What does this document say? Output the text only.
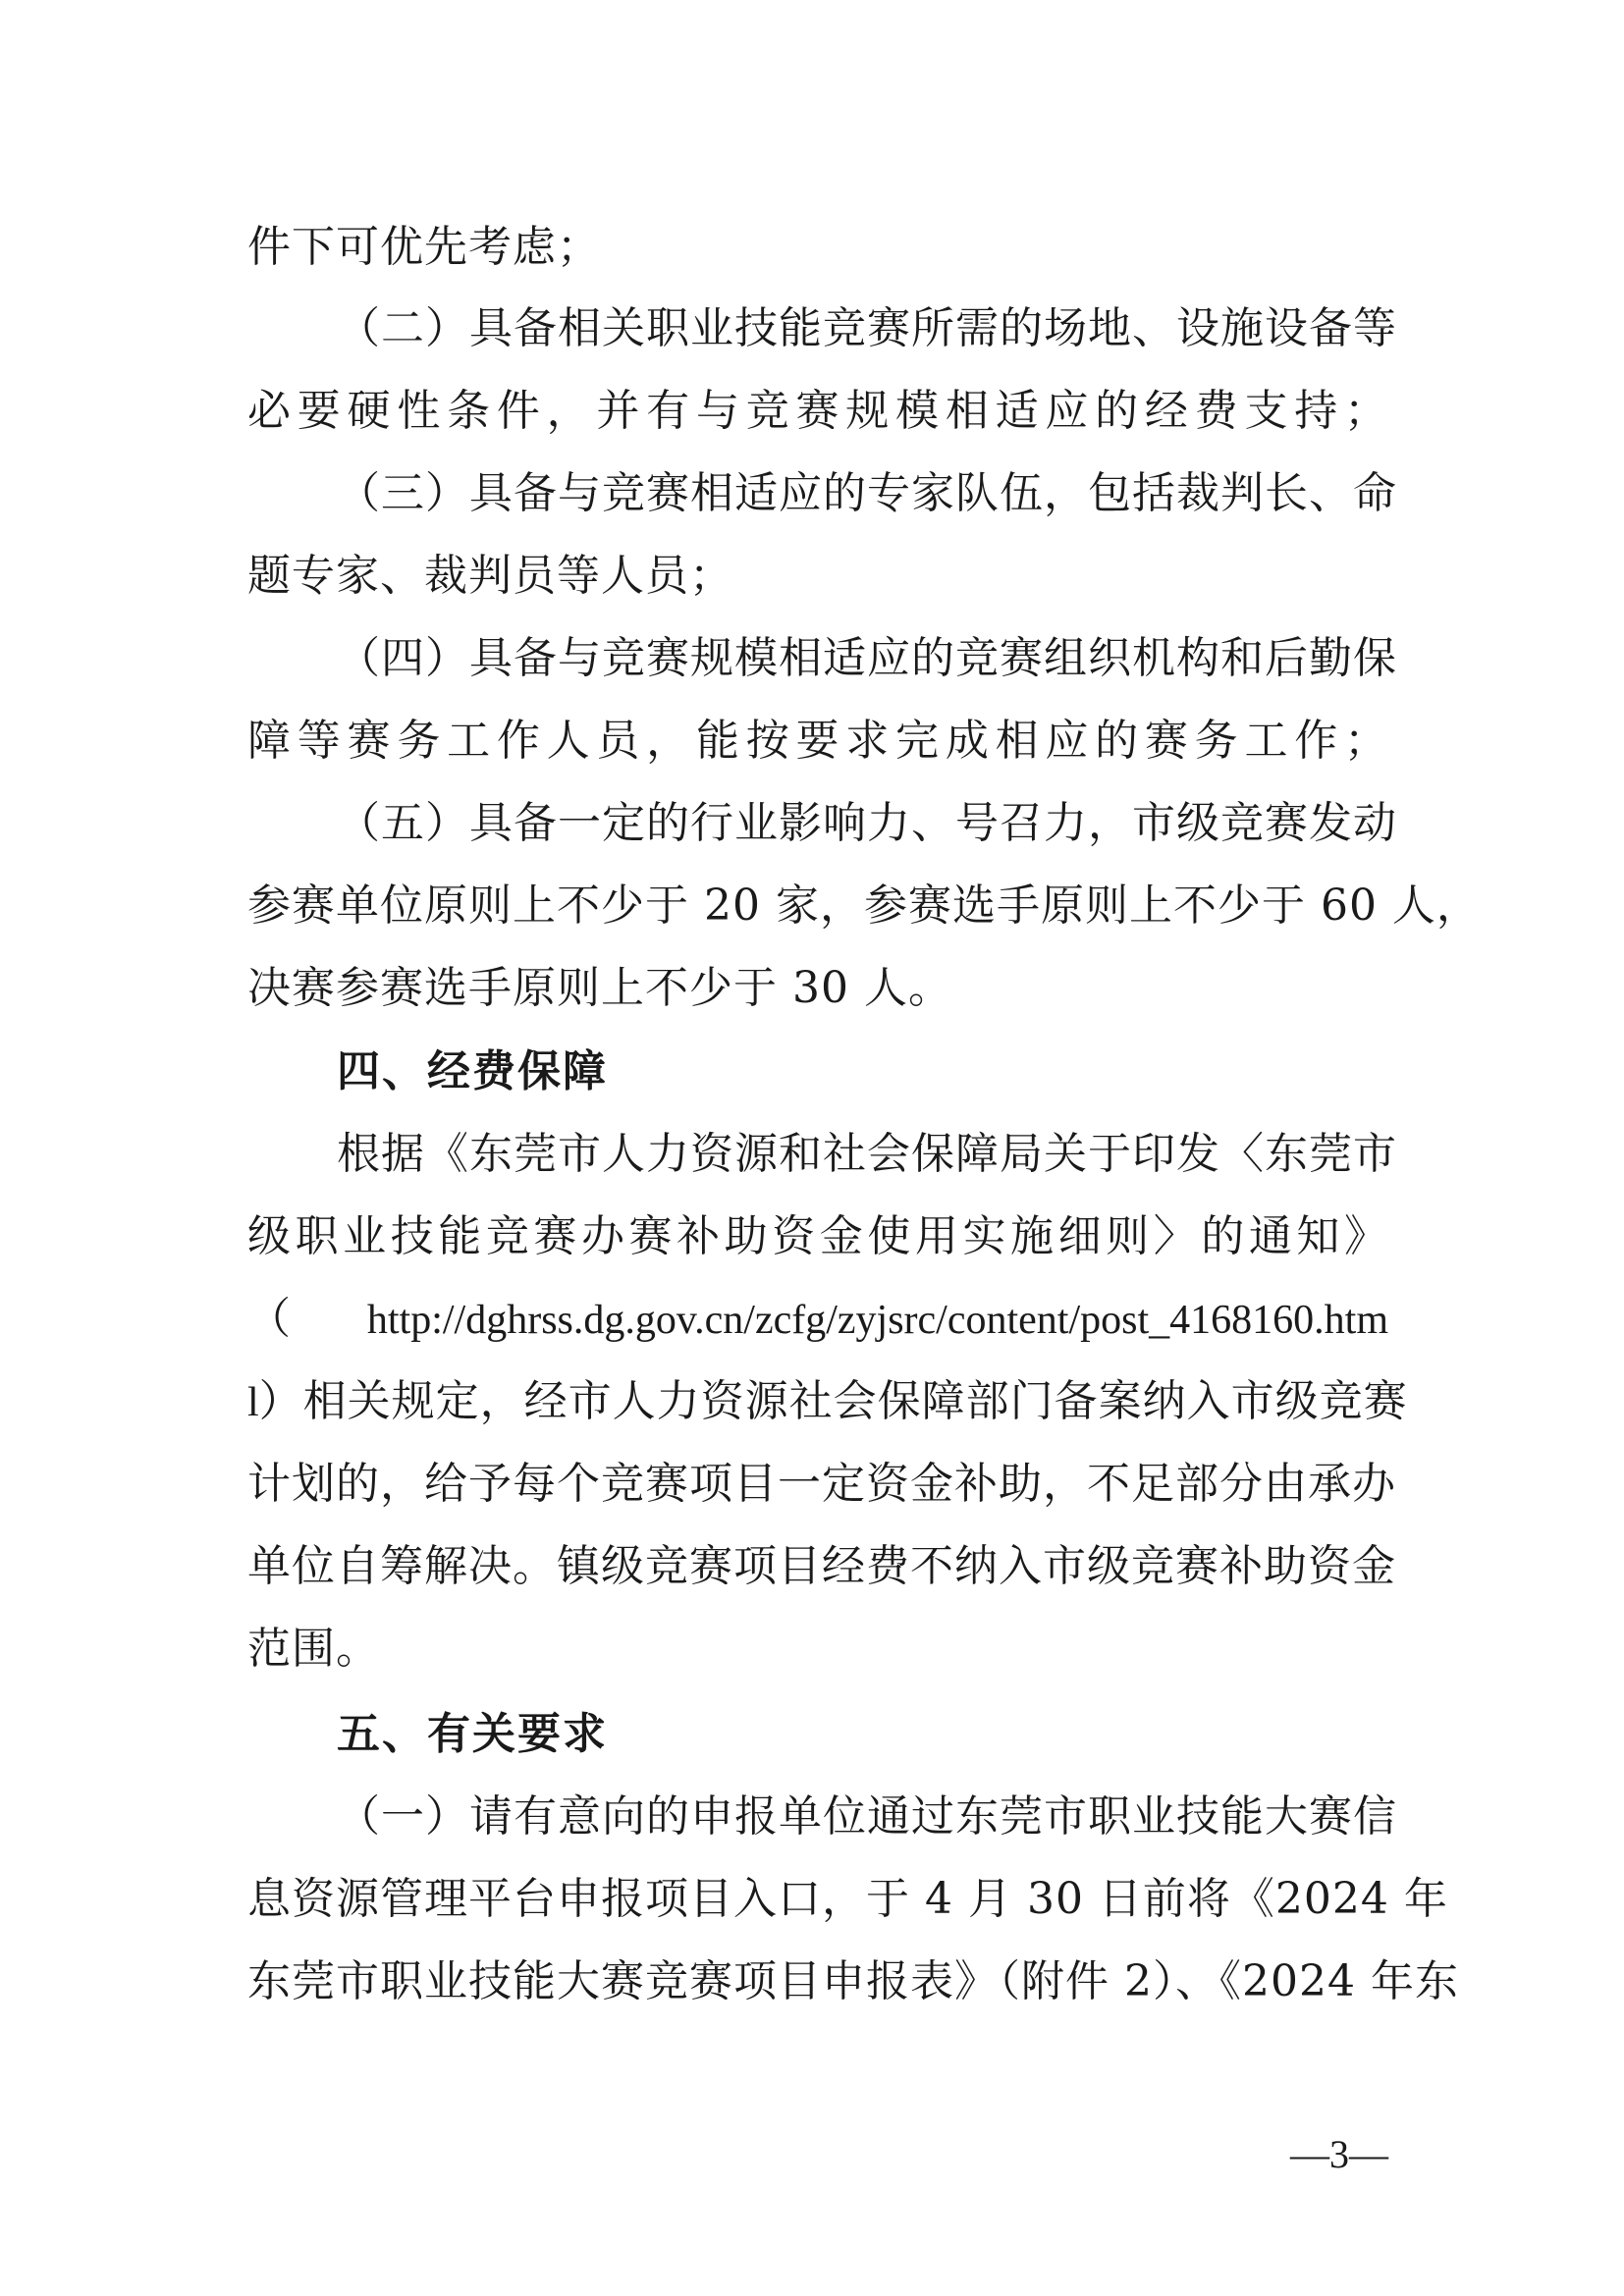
件下可优先考虑；
（二）具备相关职业技能竞赛所需的场地、设施设备等
必要硬性条件，并有与竞赛规模相适应的经费支持；
（三）具备与竞赛相适应的专家队伍，包括裁判长、命
题专家、裁判员等人员；
（四）具备与竞赛规模相适应的竞赛组织机构和后勤保
障等赛务工作人员，能按要求完成相应的赛务工作；
（五）具备一定的行业影响力、号召力，市级竞赛发动
参赛单位原则上不少于 20 家，参赛选手原则上不少于 60 人，
决赛参赛选手原则上不少于 30 人。
四、经费保障
根据《东莞市人力资源和社会保障局关于印发〈东莞市
级职业技能竞赛办赛补助资金使用实施细则〉的通知》
（ http://dghrss.dg.gov.cn/zcfg/zyjsrc/content/post_4168160.htm
l）相关规定，经市人力资源社会保障部门备案纳入市级竞赛
计划的，给予每个竞赛项目一定资金补助，不足部分由承办
单位自筹解决。镇级竞赛项目经费不纳入市级竞赛补助资金
范围。
五、有关要求
（一）请有意向的申报单位通过东莞市职业技能大赛信
息资源管理平台申报项目入口，于 4 月 30 日前将《2024 年
东莞市职业技能大赛竞赛项目申报表》（附件 2）、《2024 年东
—3—
